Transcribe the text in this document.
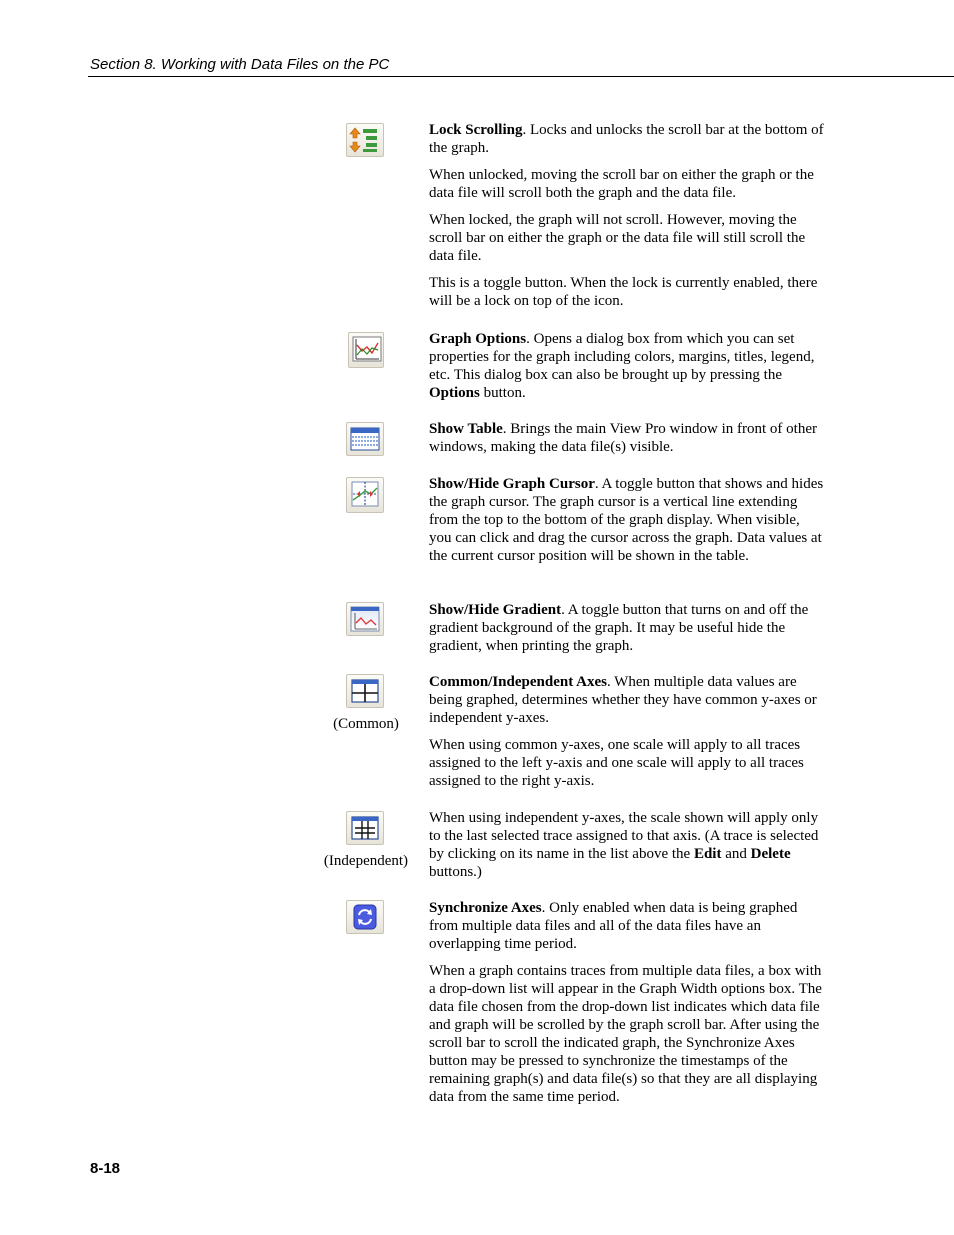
Section 8. Working with Data Files on the PC

Lock Scrolling. Locks and unlocks the scroll bar at the bottom of the graph.

When unlocked, moving the scroll bar on either the graph or the data file will scroll both the graph and the data file.

When locked, the graph will not scroll. However, moving the scroll bar on either the graph or the data file will still scroll the data file.

This is a toggle button. When the lock is currently enabled, there will be a lock on top of the icon.

Graph Options. Opens a dialog box from which you can set properties for the graph including colors, margins, titles, legend, etc. This dialog box can also be brought up by pressing the Options button.

Show Table. Brings the main View Pro window in front of other windows, making the data file(s) visible.

Show/Hide Graph Cursor. A toggle button that shows and hides the graph cursor. The graph cursor is a vertical line extending from the top to the bottom of the graph display. When visible, you can click and drag the cursor across the graph. Data values at the current cursor position will be shown in the table.

Show/Hide Gradient. A toggle button that turns on and off the gradient background of the graph. It may be useful hide the gradient, when printing the graph.

(Common)

Common/Independent Axes. When multiple data values are being graphed, determines whether they have common y-axes or independent y-axes.

When using common y-axes, one scale will apply to all traces assigned to the left y-axis and one scale will apply to all traces assigned to the right y-axis.

(Independent)

When using independent y-axes, the scale shown will apply only to the last selected trace assigned to that axis. (A trace is selected by clicking on its name in the list above the Edit and Delete buttons.)

Synchronize Axes. Only enabled when data is being graphed from multiple data files and all of the data files have an overlapping time period.

When a graph contains traces from multiple data files, a box with a drop-down list will appear in the Graph Width options box. The data file chosen from the drop-down list indicates which data file and graph will be scrolled by the graph scroll bar. After using the scroll bar to scroll the indicated graph, the Synchronize Axes button may be pressed to synchronize the timestamps of the remaining graph(s) and data file(s) so that they are all displaying data from the same time period.

8-18
